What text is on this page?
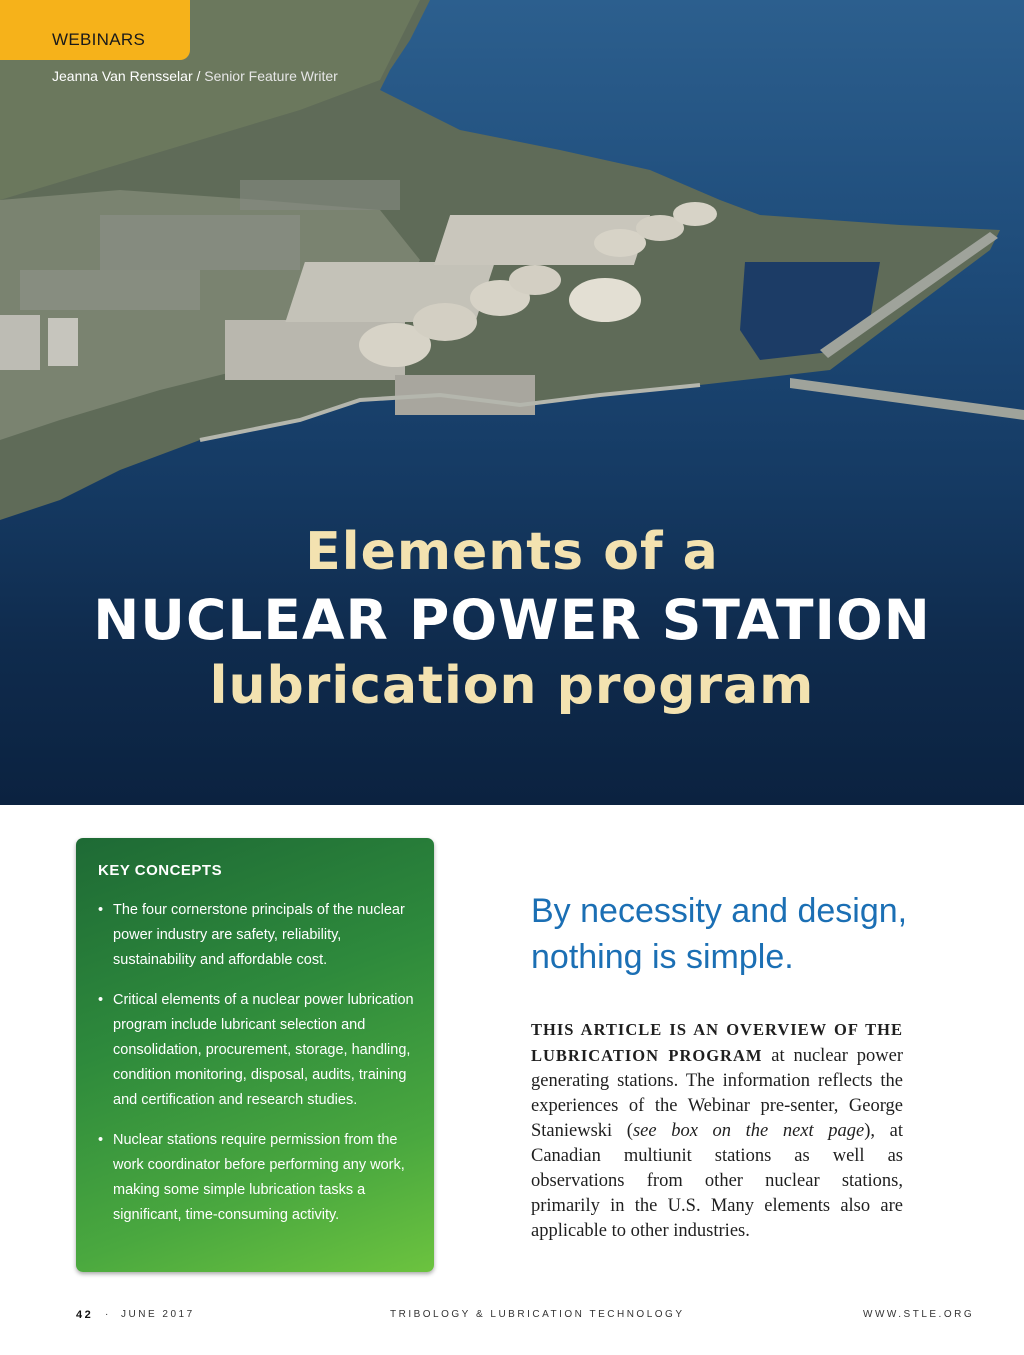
WEBINARS
Jeanna Van Rensselar / Senior Feature Writer
Elements of a
NUCLEAR POWER STATION
lubrication program
KEY CONCEPTS
• The four cornerstone principals of the nuclear power industry are safety, reliability, sustainability and affordable cost.
• Critical elements of a nuclear power lubrication program include lubricant selection and consolidation, procurement, storage, handling, condition monitoring, disposal, audits, training and certification and research studies.
• Nuclear stations require permission from the work coordinator before performing any work, making some simple lubrication tasks a significant, time-consuming activity.
By necessity and design, nothing is simple.
THIS ARTICLE IS AN OVERVIEW OF THE LUBRICATION PROGRAM at nuclear power generating stations. The information reflects the experiences of the Webinar pre-senter, George Staniewski (see box on the next page), at Canadian multiunit stations as well as observations from other nuclear stations, primarily in the U.S. Many elements also are applicable to other industries.
42 · JUNE 2017	TRIBOLOGY & LUBRICATION TECHNOLOGY	WWW.STLE.ORG
